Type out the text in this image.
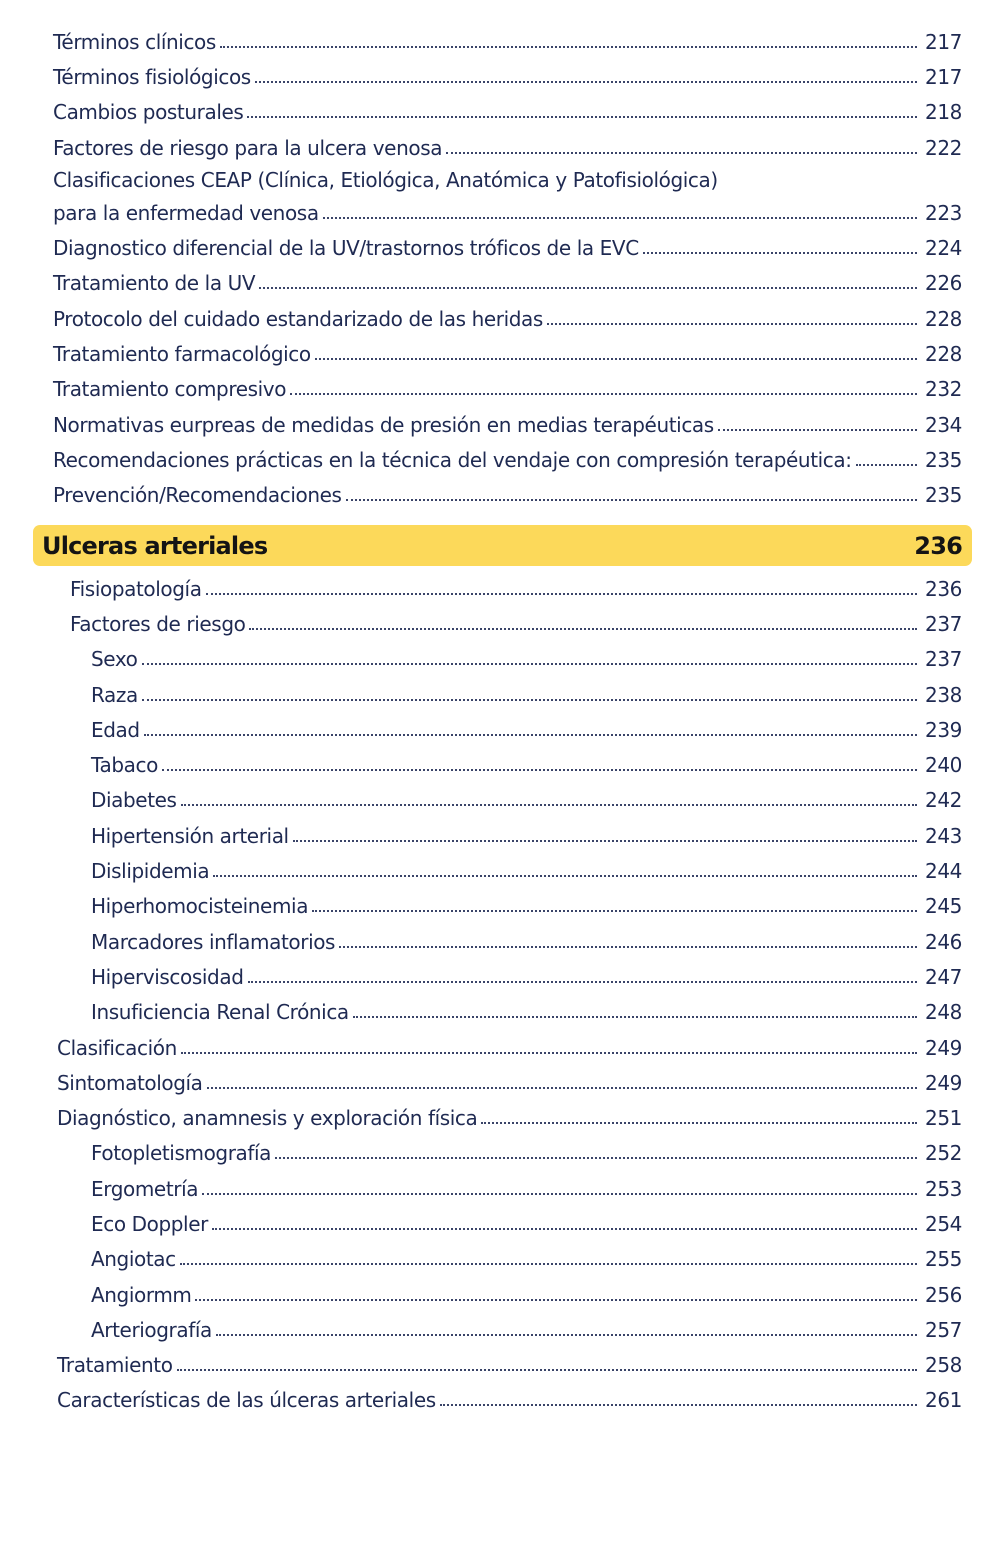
Términos clínicos	217
Términos fisiológicos	217
Cambios posturales	218
Factores de riesgo para la ulcera venosa	222
Clasificaciones CEAP (Clínica, Etiológica, Anatómica y Patofisiológica)
para la enfermedad venosa	223
Diagnostico diferencial de la UV/trastornos tróficos de la EVC	224
Tratamiento de la UV	226
Protocolo del cuidado estandarizado de las heridas	228
Tratamiento farmacológico	228
Tratamiento compresivo	232
Normativas eurpreas de medidas de presión en medias terapéuticas	234
Recomendaciones prácticas en la técnica del vendaje con compresión terapéutica:	235
Prevención/Recomendaciones	235
Ulceras arteriales	236
Fisiopatología	236
Factores de riesgo	237
Sexo	237
Raza	238
Edad	239
Tabaco	240
Diabetes	242
Hipertensión arterial	243
Dislipidemia	244
Hiperhomocisteinemia	245
Marcadores inflamatorios	246
Hiperviscosidad	247
Insuficiencia Renal Crónica	248
Clasificación	249
Sintomatología	249
Diagnóstico, anamnesis y exploración física	251
Fotopletismografía	252
Ergometría	253
Eco Doppler	254
Angiotac	255
Angiormm	256
Arteriografía	257
Tratamiento	258
Características de las úlceras arteriales	261
